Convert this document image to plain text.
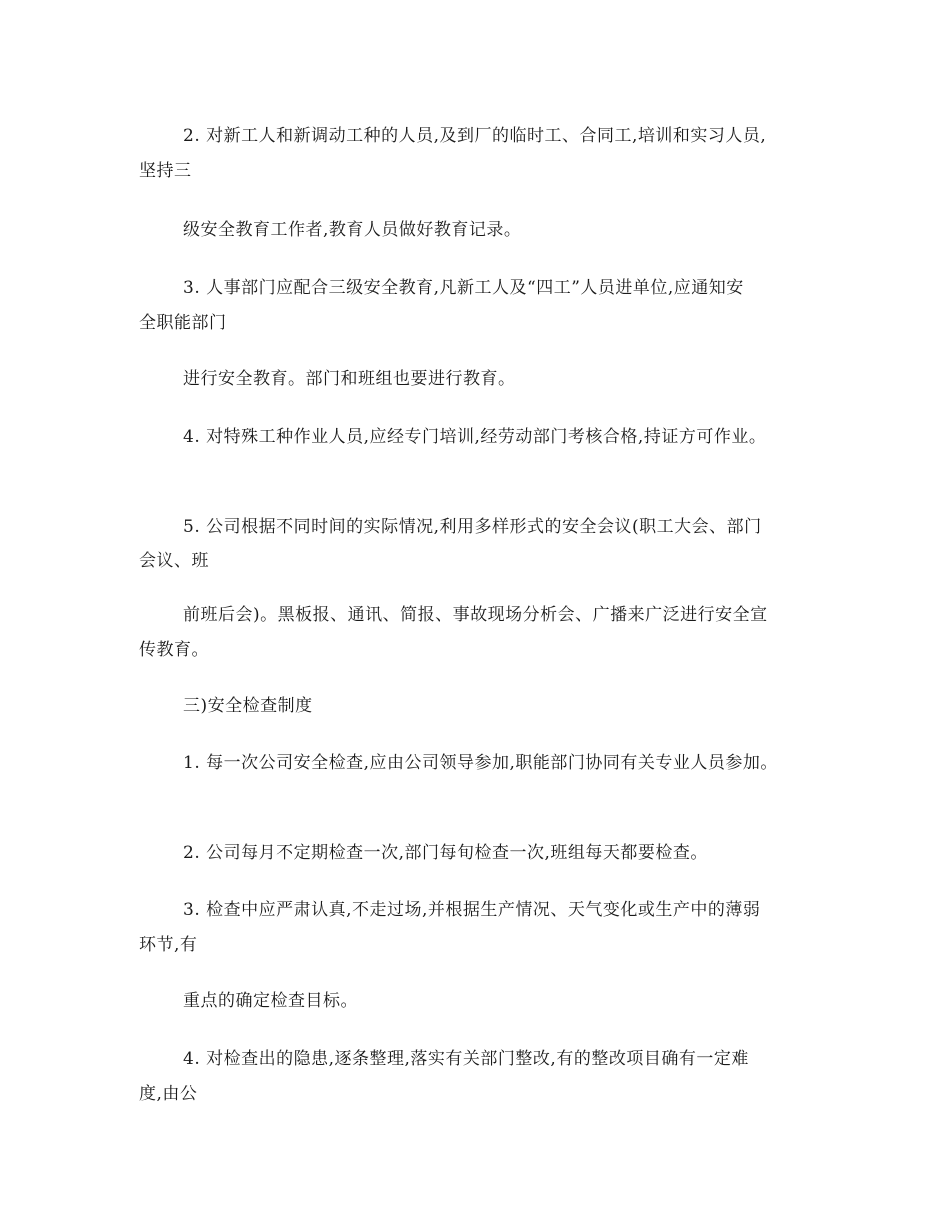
2. 对新工人和新调动工种的人员,及到厂的临时工、合同工,培训和实习人员,
坚持三
级安全教育工作者,教育人员做好教育记录。
3. 人事部门应配合三级安全教育,凡新工人及“四工”人员进单位,应通知安
全职能部门
进行安全教育。部门和班组也要进行教育。
4. 对特殊工种作业人员,应经专门培训,经劳动部门考核合格,持证方可作业。
5. 公司根据不同时间的实际情况,利用多样形式的安全会议(职工大会、部门
会议、班
前班后会)。黑板报、通讯、简报、事故现场分析会、广播来广泛进行安全宣
传教育。
三)安全检查制度
1. 每一次公司安全检查,应由公司领导参加,职能部门协同有关专业人员参加。
2. 公司每月不定期检查一次,部门每旬检查一次,班组每天都要检查。
3. 检查中应严肃认真,不走过场,并根据生产情况、天气变化或生产中的薄弱
环节,有
重点的确定检查目标。
4. 对检查出的隐患,逐条整理,落实有关部门整改,有的整改项目确有一定难
度,由公
